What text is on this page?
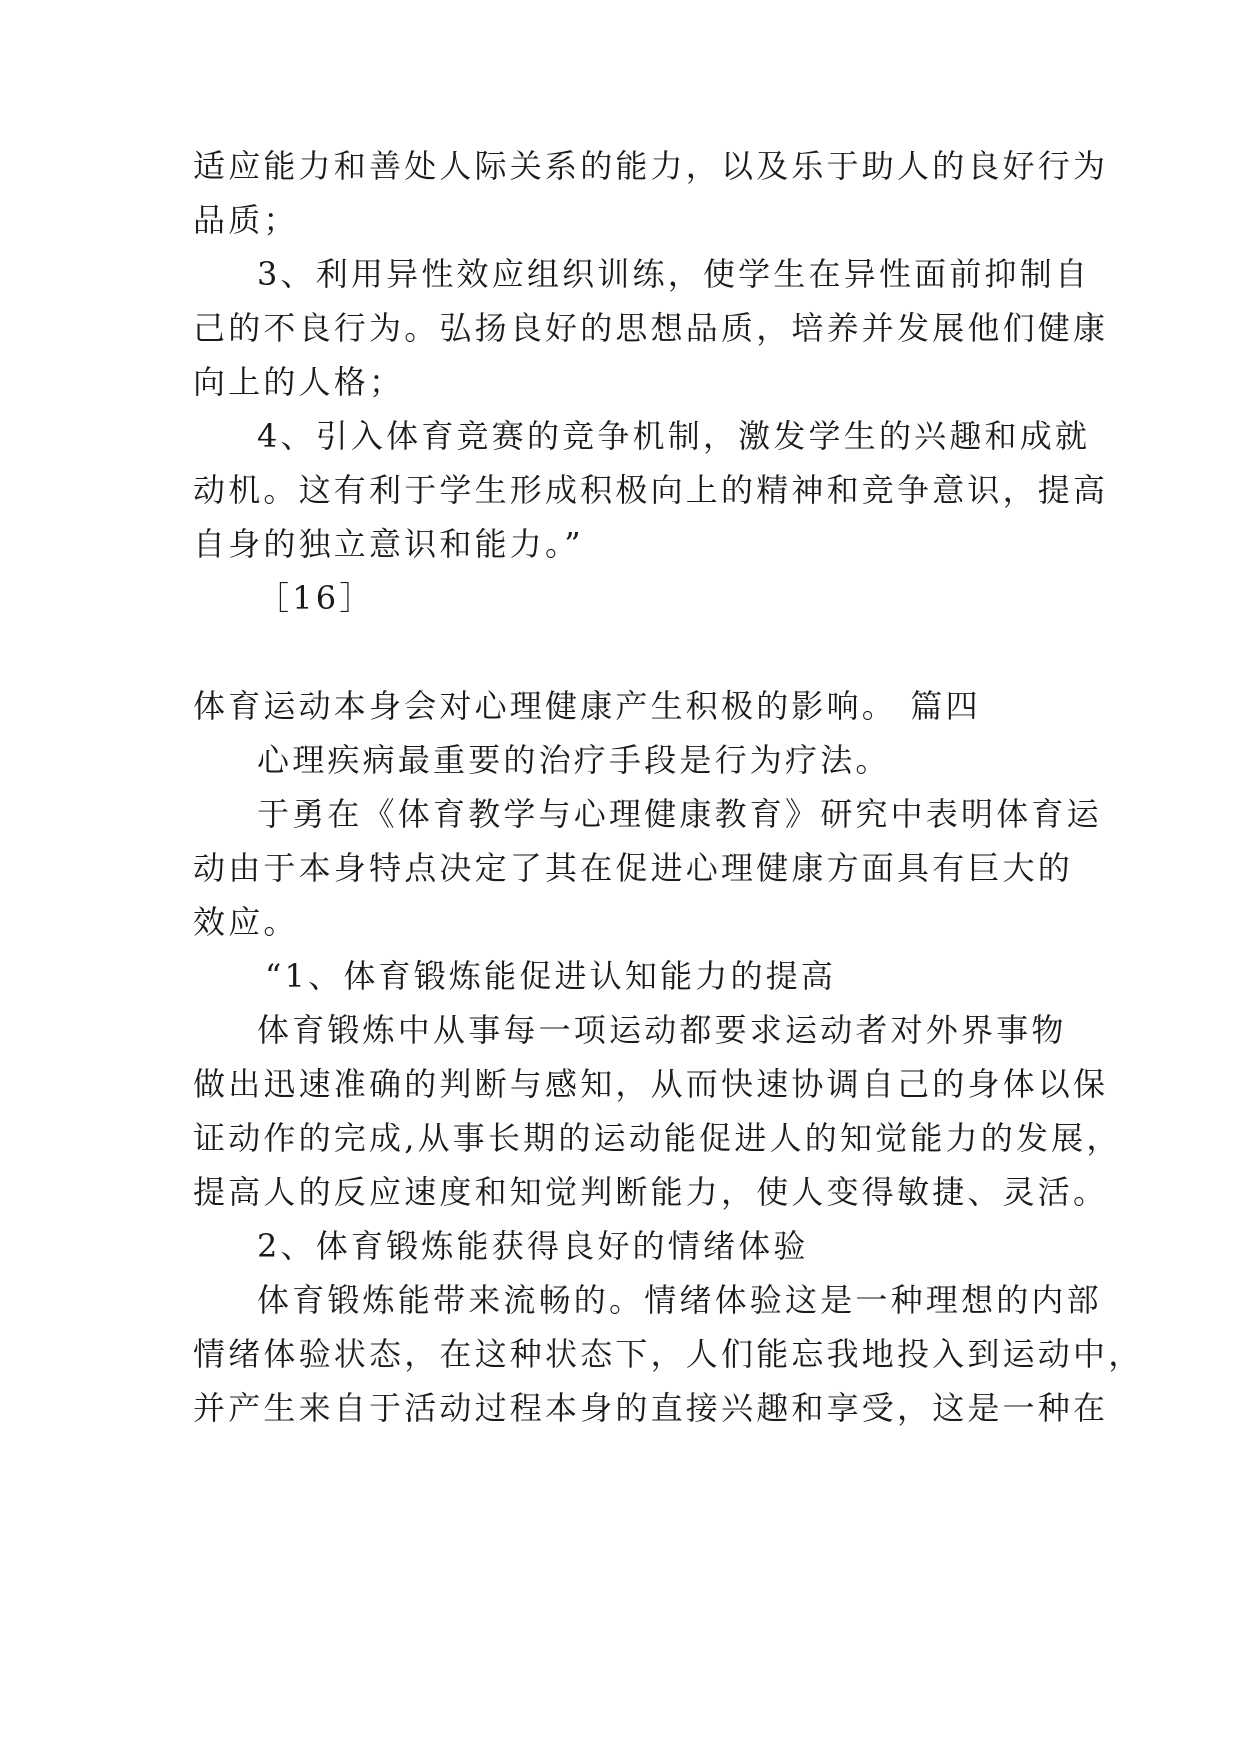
适应能力和善处人际关系的能力，以及乐于助人的良好行为
品质；
3、利用异性效应组织训练，使学生在异性面前抑制自
己的不良行为。弘扬良好的思想品质，培养并发展他们健康
向上的人格；
4、引入体育竞赛的竞争机制，激发学生的兴趣和成就
动机。这有利于学生形成积极向上的精神和竞争意识，提高
自身的独立意识和能力。”
［16］
体育运动本身会对心理健康产生积极的影响。 篇四
心理疾病最重要的治疗手段是行为疗法。
于勇在《体育教学与心理健康教育》研究中表明体育运
动由于本身特点决定了其在促进心理健康方面具有巨大的
效应。
“1、体育锻炼能促进认知能力的提高
体育锻炼中从事每一项运动都要求运动者对外界事物
做出迅速准确的判断与感知，从而快速协调自己的身体以保
证动作的完成,从事长期的运动能促进人的知觉能力的发展，
提高人的反应速度和知觉判断能力，使人变得敏捷、灵活。
2、体育锻炼能获得良好的情绪体验
体育锻炼能带来流畅的。情绪体验这是一种理想的内部
情绪体验状态，在这种状态下，人们能忘我地投入到运动中，
并产生来自于活动过程本身的直接兴趣和享受，这是一种在
